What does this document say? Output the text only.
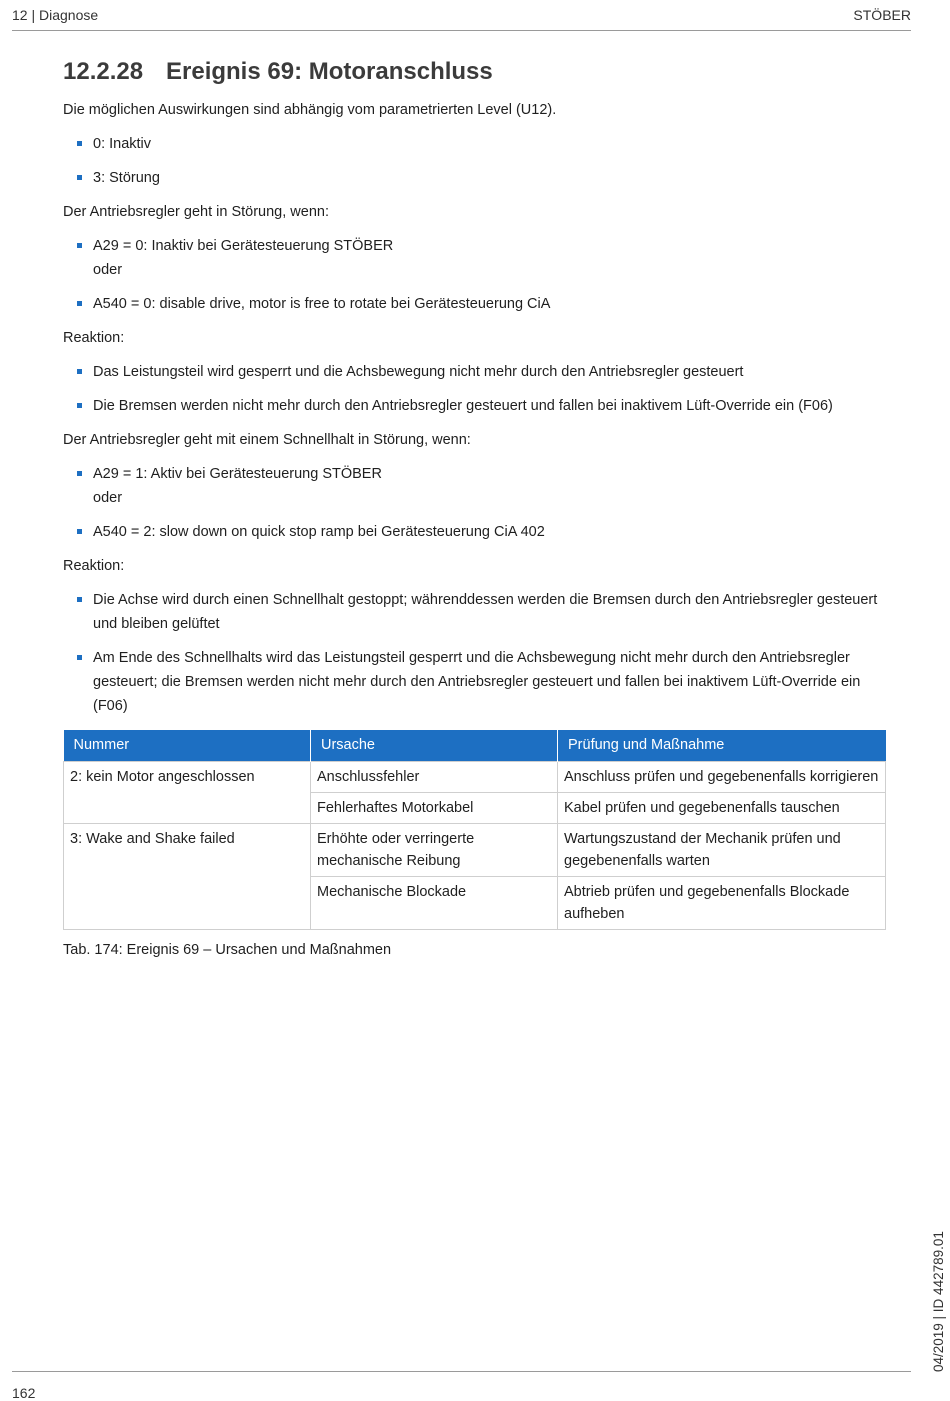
12 | Diagnose	STÖBER
12.2.28 Ereignis 69: Motoranschluss

Die möglichen Auswirkungen sind abhängig vom parametrierten Level (U12).

0: Inaktiv
3: Störung

Der Antriebsregler geht in Störung, wenn:

A29 = 0: Inaktiv bei Gerätesteuerung STÖBER
oder
A540 = 0: disable drive, motor is free to rotate bei Gerätesteuerung CiA

Reaktion:

Das Leistungsteil wird gesperrt und die Achsbewegung nicht mehr durch den Antriebsregler gesteuert
Die Bremsen werden nicht mehr durch den Antriebsregler gesteuert und fallen bei inaktivem Lüft-Override ein (F06)

Der Antriebsregler geht mit einem Schnellhalt in Störung, wenn:

A29 = 1: Aktiv bei Gerätesteuerung STÖBER
oder
A540 = 2: slow down on quick stop ramp bei Gerätesteuerung CiA 402

Reaktion:

Die Achse wird durch einen Schnellhalt gestoppt; währenddessen werden die Bremsen durch den Antriebsregler gesteuert und bleiben gelüftet
Am Ende des Schnellhalts wird das Leistungsteil gesperrt und die Achsbewegung nicht mehr durch den Antriebsregler gesteuert; die Bremsen werden nicht mehr durch den Antriebsregler gesteuert und fallen bei inaktivem Lüft-Override ein (F06)
Nummer	Ursache	Prüfung und Maßnahme
2: kein Motor angeschlossen	Anschlussfehler	Anschluss prüfen und gegebenenfalls korrigieren
	Fehlerhaftes Motorkabel	Kabel prüfen und gegebenenfalls tauschen
3: Wake and Shake failed	Erhöhte oder verringerte mechanische Reibung	Wartungszustand der Mechanik prüfen und gegebenenfalls warten
	Mechanische Blockade	Abtrieb prüfen und gegebenenfalls Blockade aufheben
Tab. 174: Ereignis 69 – Ursachen und Maßnahmen
04/2019 | ID 442789.01
162
